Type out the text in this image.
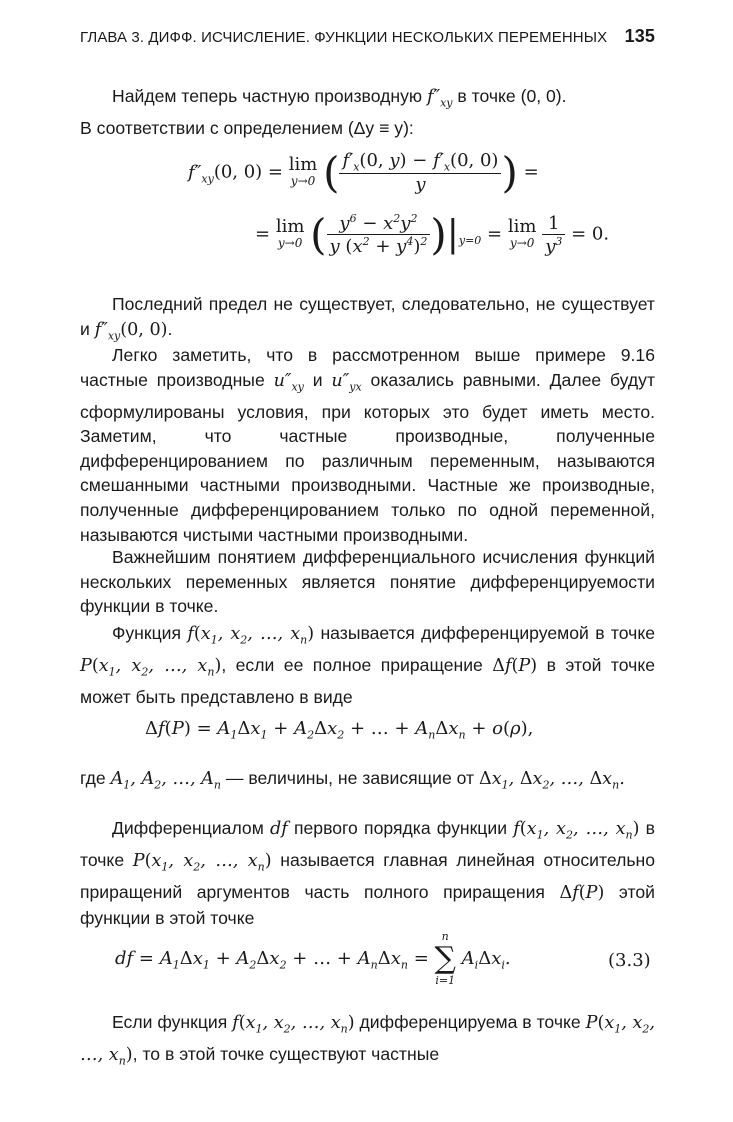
ГЛАВА 3. ДИФФ. ИСЧИСЛЕНИЕ. ФУНКЦИИ НЕСКОЛЬКИХ ПЕРЕМЕННЫХ 135
Найдем теперь частную производную $f''_{xy}$ в точке (0, 0).
В соответствии с определением (Δy ≡ y):
$f''_{xy}(0$, 0) = lim
y→0 ( $\frac{f'_x(0, y) - f'_x(0, 0)}{y}$ ) =
= lim
y→0 ( $\frac{y^6 - x^2y^2}{y (x^2 + y^4)^2} )|_{y=0} = \lim$
y→0
$\frac{1}{y^3} = 0$.
Последний предел не существует, следовательно, не существует и $f''_{xy}(0$, 0).
Легко заметить, что в рассмотренном выше примере 9.16 частные производные $u''_{xy}$ и $u''_{yx}$ оказались равными. Далее будут сформулированы условия, при которых это будет иметь место. Заметим, что частные производные, полученные дифференцированием по различным переменным, называются смешанными частными производными. Частные же производные, полученные дифференцированием только по одной переменной, называются чистыми частными производными.
Важнейшим понятием дифференциального исчисления функций нескольких переменных является понятие дифференцируемости функции в точке.
Функция $f(x_1$, $x_2$, …, $x_n$) называется дифференцируемой в точке $P(x_1$, $x_2$, …, $x_n$), если ее полное приращение Δf(P) в этой точке может быть представлено в виде
$\Delta f(P) = A_1\Delta x_1 + A_2\Delta x_2$ + … + $A_n\Delta x_n + o(\rho)$,
где $A_1$, $A_2$, …, $A_n$ — величины, не зависящие от $\Delta x_1$, $\Delta x_2$, …, $\Delta x_n$.
Дифференциалом df первого порядка функции $f(x_1$, $x_2$, …, $x_n$) в точке $P(x_1$, $x_2$, …, $x_n$) называется главная линейная относительно приращений аргументов часть полного приращения Δf(P) этой функции в этой точке
df = $A_1\Delta x_1 + A_2\Delta x_2$ + … + $A_n\Delta x_n$ =
n
∑
i=1
$A_i\Delta x_i$.	(3.3)
Если функция $f(x_1$, $x_2$, …, $x_n$) дифференцируема в точке $P(x_1$, $x_2$, …, $x_n$), то в этой точке существуют частные
